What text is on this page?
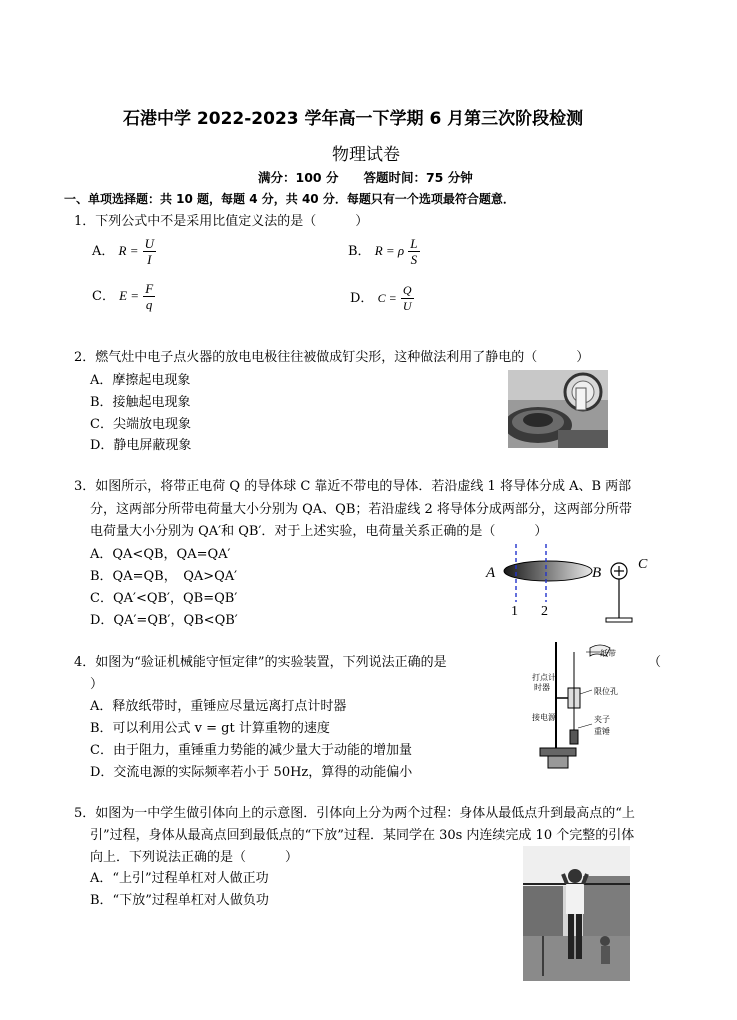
石港中学 2022-2023 学年高一下学期 6 月第三次阶段检测
物理试卷
满分：100 分　　答题时间：75 分钟
一、单项选择题：共 10 题，每题 4 分，共 40 分．每题只有一个选项最符合题意．
1．下列公式中不是采用比值定义法的是（　　　）
A． $R = \frac{U}{I}$	B． R = ρ $\frac{L}{S}$
C． $E = \frac{F}{q}$	D． $C = \frac{Q}{U}$
2．燃气灶中电子点火器的放电电极往往被做成钉尖形，这种做法利用了静电的（　　　）
A．摩擦起电现象
B．接触起电现象
C．尖端放电现象
D．静电屏蔽现象
3．如图所示，将带正电荷 Q 的导体球 C 靠近不带电的导体．若沿虚线 1 将导体分成 A、B 两部
分，这两部分所带电荷量大小分别为 QA、QB；若沿虚线 2 将导体分成两部分，这两部分所带
电荷量大小分别为 QA′和 QB′．对于上述实验，电荷量关系正确的是（　　　）
A．QA<QB，QA=QA′
B．QA=QB，　QA>QA′
C．QA′<QB′，QB=QB′
D．QA′=QB′，QB<QB′
A	B
C
1 2
4．如图为“验证机械能守恒定律”的实验装置，下列说法正确的是	（
）
A．释放纸带时，重锤应尽量远离打点计时器
B．可以利用公式 v = gt 计算重物的速度
C．由于阻力，重锤重力势能的减少量大于动能的增加量
D．交流电源的实际频率若小于 50Hz，算得的动能偏小
纸带
打点计
时器	限位孔
接电源	夹子
重锤
5．如图为一中学生做引体向上的示意图．引体向上分为两个过程：身体从最低点升到最高点的“上
引”过程，身体从最高点回到最低点的“下放”过程．某同学在 30s 内连续完成 10 个完整的引体
向上．下列说法正确的是（　　　）
A．“上引”过程单杠对人做正功
B．“下放”过程单杠对人做负功
